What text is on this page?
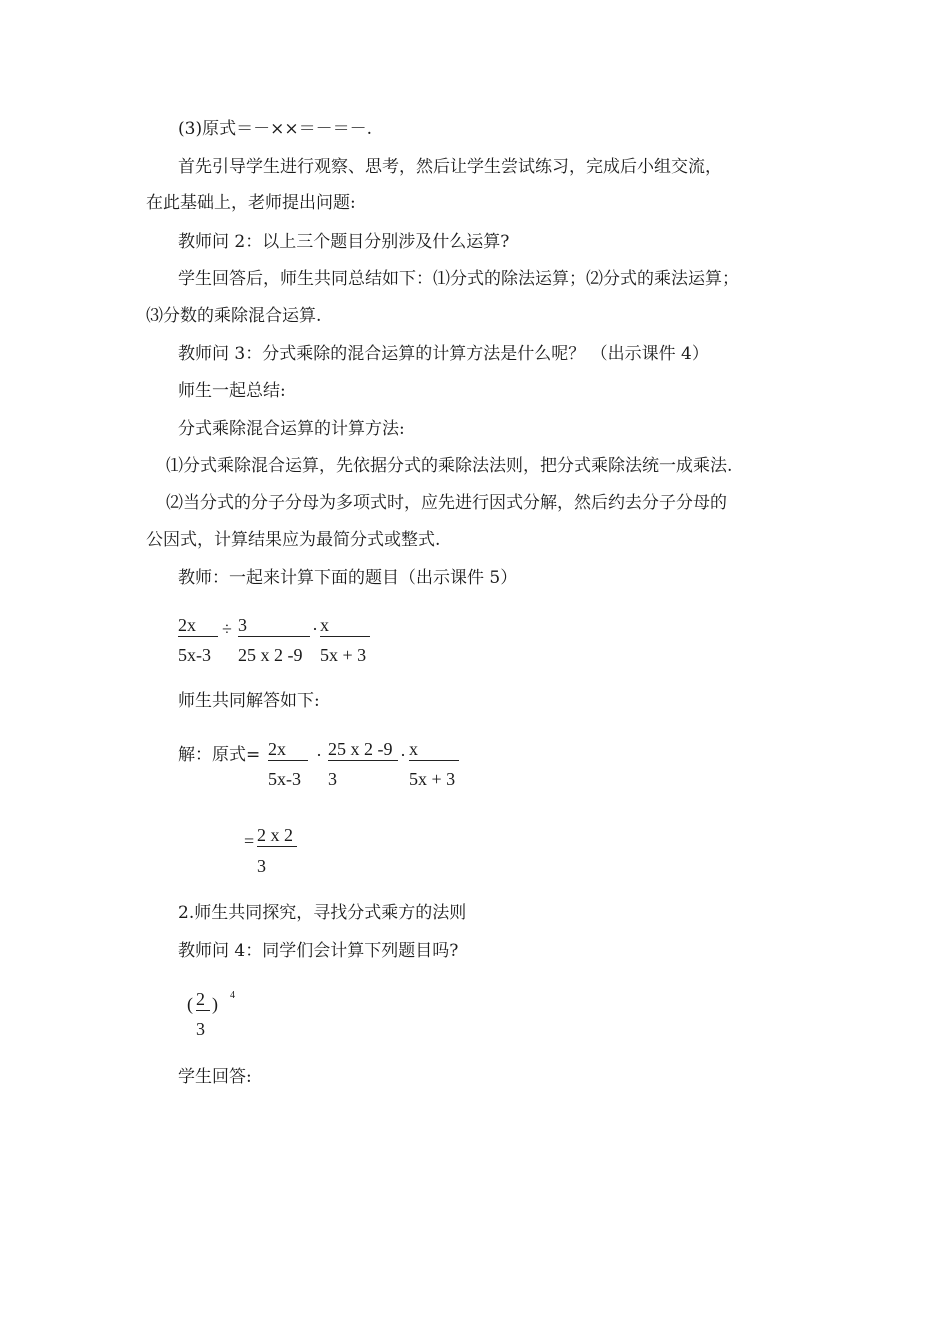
(3)原式＝－××＝－＝－.
首先引导学生进行观察、思考，然后让学生尝试练习，完成后小组交流，
在此基础上，老师提出问题:
教师问 2：以上三个题目分别涉及什么运算?
学生回答后，师生共同总结如下：⑴分式的除法运算；⑵分式的乘法运算；
⑶分数的乘除混合运算.
教师问 3：分式乘除的混合运算的计算方法是什么呢？ （出示课件 4）
师生一起总结:
分式乘除混合运算的计算方法:
⑴分式乘除混合运算，先依据分式的乘除法法则，把分式乘除法统一成乘法.
⑵当分式的分子分母为多项式时，应先进行因式分解，然后约去分子分母的
公因式，计算结果应为最简分式或整式.
教师：一起来计算下面的题目（出示课件 5）
2x
5x-3
÷ 3
25 x 2 -9
· x
5x + 3
师生共同解答如下:
解：原式= 2x
5x-3
· 25 x 2 -9
3
· x
5x + 3
= 2 x 2
3
2.师生共同探究，寻找分式乘方的法则
教师问 4：同学们会计算下列题目吗?
( 2
3
) 4
学生回答:
